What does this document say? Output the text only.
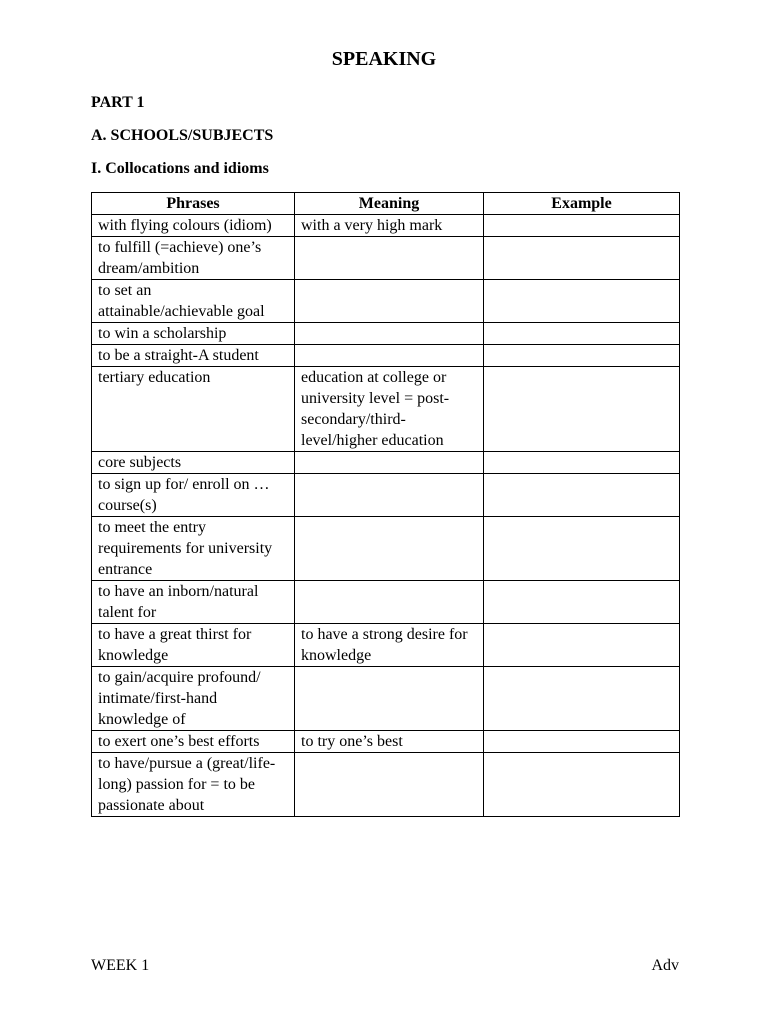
SPEAKING
PART 1
A. SCHOOLS/SUBJECTS
I. Collocations and idioms
Phrases	Meaning	Example
with flying colours (idiom)	with a very high mark	
to fulfill (=achieve) one’s dream/ambition		
to set an attainable/achievable goal		
to win a scholarship		
to be a straight-A student		
tertiary education	education at college or university level = post-secondary/third-level/higher education	
core subjects		
to sign up for/ enroll on … course(s)		
to meet the entry requirements for university entrance		
to have an inborn/natural talent for		
to have a great thirst for knowledge	to have a strong desire for knowledge	
to gain/acquire profound/ intimate/first-hand knowledge of		
to exert one’s best efforts	to try one’s best	
to have/pursue a (great/life-long) passion for = to be passionate about		
WEEK 1	Adv
